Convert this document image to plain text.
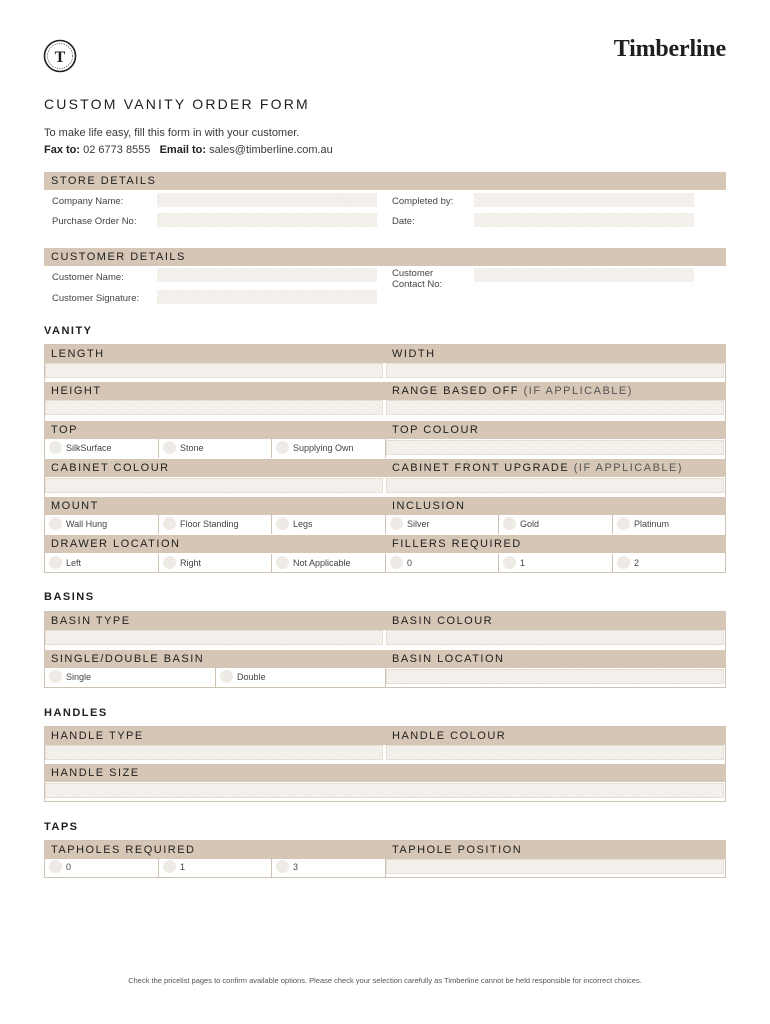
T	Timberline
CUSTOM VANITY ORDER FORM
To make life easy, fill this form in with your customer.
Fax to: 02 6773 8555 Email to: sales@timberline.com.au
STORE DETAILS
Company Name:	Completed by:
Purchase Order No:	Date:
CUSTOMER DETAILS
Customer Name:	Customer
Contact No:
Customer Signature:
VANITY
LENGTH	WIDTH
HEIGHT	RANGE BASED OFF (IF APPLICABLE)
TOP	TOP COLOUR
SilkSurface	Stone	Supplying Own
CABINET COLOUR	CABINET FRONT UPGRADE (IF APPLICABLE)
MOUNT	INCLUSION
Wall Hung	Floor Standing	Legs	Silver	Gold	Platinum
DRAWER LOCATION	FILLERS REQUIRED
Left	Right	Not Applicable	0	1	2
BASINS
BASIN TYPE	BASIN COLOUR
SINGLE/DOUBLE BASIN	BASIN LOCATION
Single	Double
HANDLES
HANDLE TYPE	HANDLE COLOUR
HANDLE SIZE
TAPS
TAPHOLES REQUIRED	TAPHOLE POSITION
0	1	3
Check the pricelist pages to confirm available options. Please check your selection carefully as Timberline cannot be held responsible for incorrect choices.
